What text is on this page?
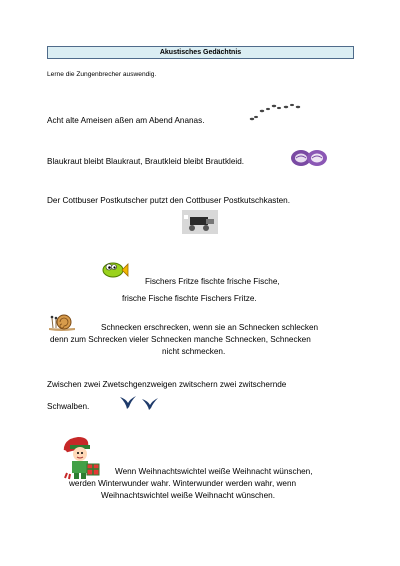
Akustisches Gedächtnis
Lerne die Zungenbrecher auswendig.
Acht alte Ameisen aßen am Abend Ananas.
Blaukraut bleibt Blaukraut, Brautkleid bleibt Brautkleid.
Der Cottbuser Postkutscher putzt den Cottbuser Postkutschkasten.
Fischers Fritze fischte frische Fische,
frische Fische fischte Fischers Fritze.
Schnecken erschrecken, wenn sie an Schnecken schlecken
denn zum Schrecken vieler Schnecken manche Schnecken, Schnecken
nicht schmecken.
Zwischen zwei Zwetschgenzweigen zwitschern zwei zwitschernde
Schwalben.
Wenn Weihnachtswichtel weiße Weihnacht wünschen,
werden Winterwunder wahr. Winterwunder werden wahr, wenn
Weihnachtswichtel weiße Weihnacht wünschen.
